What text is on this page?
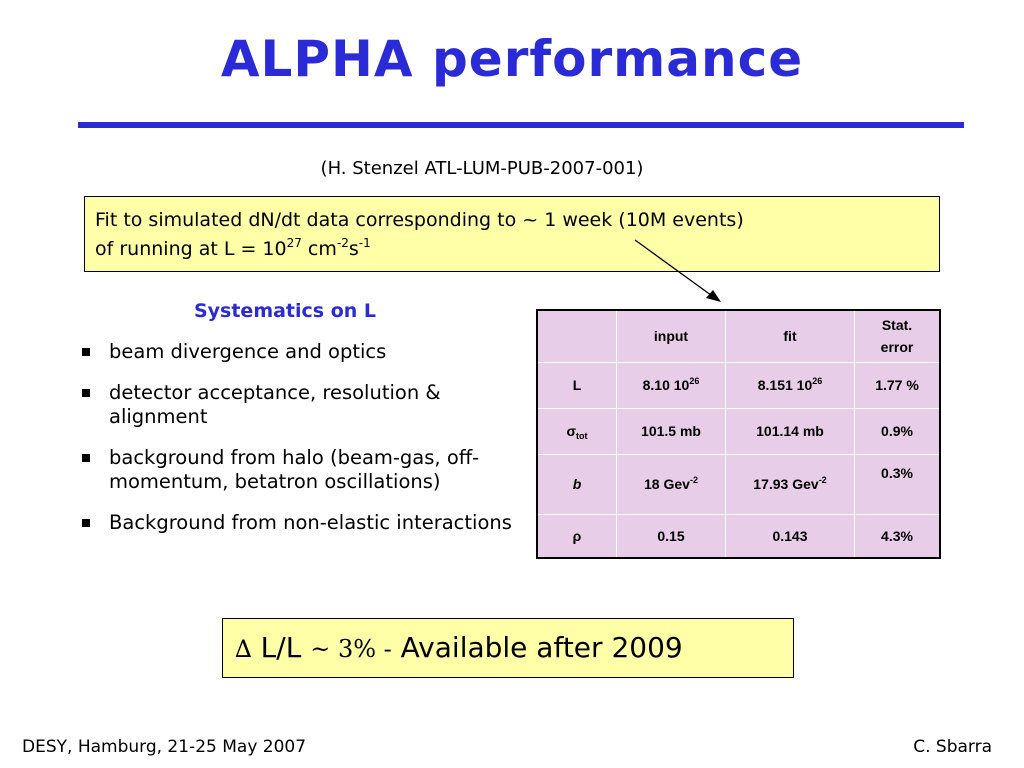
ALPHA performance
(H. Stenzel ATL-LUM-PUB-2007-001)
Fit to simulated dN/dt data corresponding to ~ 1 week (10M events)
of running at $L = 10^{27}$ $cm^{-2}s^{-1}$
Systematics on L
beam divergence and optics
detector acceptance, resolution & alignment
background from halo (beam-gas, off-momentum, betatron oscillations)
Background from non-elastic interactions
	input	fit	Stat. error
L	8.10 $10^{26}$	8.151 $10^{26}$	1.77 %
$\sigma_{tot}$	101.5 mb	101.14 mb	0.9%
b	18 Gev$^{-2}$	17.93 Gev$^{-2}$	0.3%
ρ	0.15	0.143	4.3%
∆ L/L ~ 3% - Available after 2009
DESY, Hamburg, 21-25 May 2007	C. Sbarra
